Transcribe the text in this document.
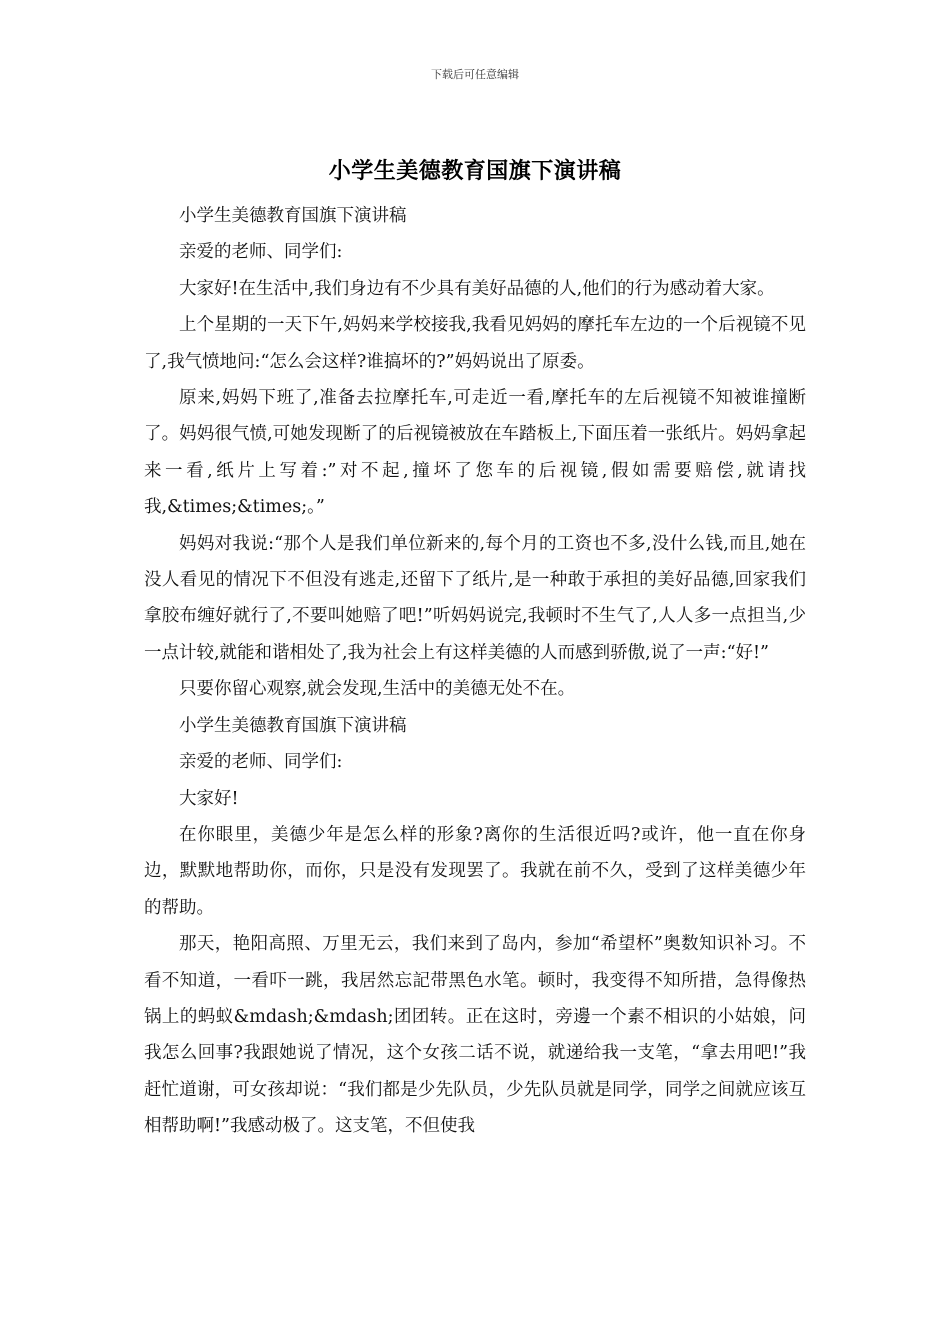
下载后可任意编辑
小学生美德教育国旗下演讲稿

小学生美德教育国旗下演讲稿

亲爱的老师、同学们:

大家好!在生活中,我们身边有不少具有美好品德的人,他们的行为感动着大家。

上个星期的一天下午,妈妈来学校接我,我看见妈妈的摩托车左边的一个后视镜不见了,我气愤地问:“怎么会这样?谁搞坏的?”妈妈说出了原委。

原来,妈妈下班了,准备去拉摩托车,可走近一看,摩托车的左后视镜不知被谁撞断了。妈妈很气愤,可她发现断了的后视镜被放在车踏板上,下面压着一张纸片。妈妈拿起来一看,纸片上写着:”对不起,撞坏了您车的后视镜,假如需要赔偿,就请找我,&times;&times;。”

妈妈对我说:“那个人是我们单位新来的,每个月的工资也不多,没什么钱,而且,她在没人看见的情况下不但没有逃走,还留下了纸片,是一种敢于承担的美好品德,回家我们拿胶布缠好就行了,不要叫她赔了吧!”听妈妈说完,我顿时不生气了,人人多一点担当,少一点计较,就能和谐相处了,我为社会上有这样美德的人而感到骄傲,说了一声:“好!”

只要你留心观察,就会发现,生活中的美德无处不在。

小学生美德教育国旗下演讲稿

亲爱的老师、同学们:

大家好!

在你眼里，美德少年是怎么样的形象?离你的生活很近吗?或许，他一直在你身边，默默地帮助你，而你，只是没有发现罢了。我就在前不久，受到了这样美德少年的帮助。

那天，艳阳高照、万里无云，我们来到了岛内，参加“希望杯”奥数知识补习。不看不知道，一看吓一跳，我居然忘記带黑色水笔。顿时，我变得不知所措，急得像热锅上的蚂蚁&mdash;&mdash;团团转。正在这时，旁邊一个素不相识的小姑娘，问我怎么回事?我跟她说了情况，这个女孩二话不说，就递给我一支笔，“拿去用吧!”我赶忙道谢，可女孩却说：“我们都是少先队员，少先队员就是同学，同学之间就应该互相帮助啊!”我感动极了。这支笔，不但使我
